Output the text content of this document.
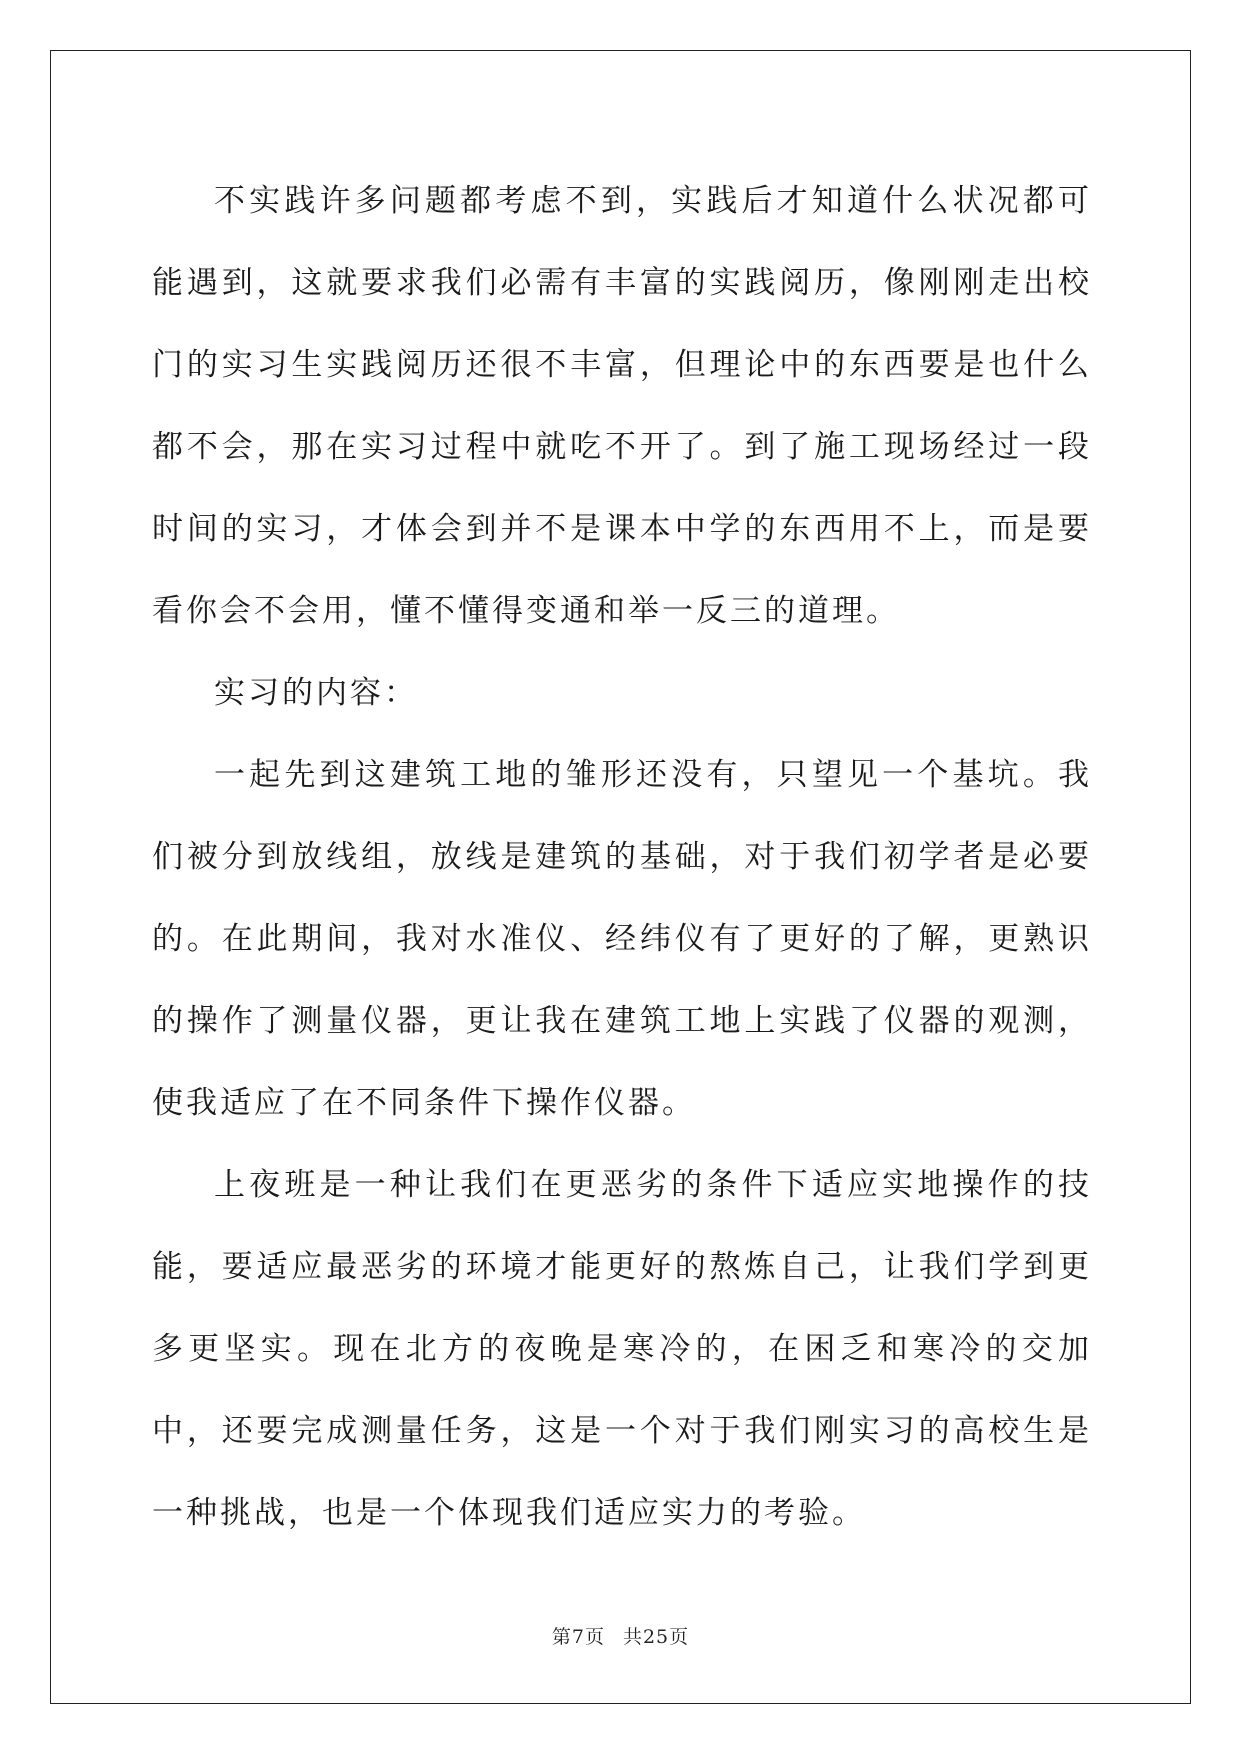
不实践许多问题都考虑不到，实践后才知道什么状况都可能遇到，这就要求我们必需有丰富的实践阅历，像刚刚走出校门的实习生实践阅历还很不丰富，但理论中的东西要是也什么都不会，那在实习过程中就吃不开了。到了施工现场经过一段时间的实习，才体会到并不是课本中学的东西用不上，而是要看你会不会用，懂不懂得变通和举一反三的道理。

实习的内容：

一起先到这建筑工地的雏形还没有，只望见一个基坑。我们被分到放线组，放线是建筑的基础，对于我们初学者是必要的。在此期间，我对水准仪、经纬仪有了更好的了解，更熟识的操作了测量仪器，更让我在建筑工地上实践了仪器的观测，使我适应了在不同条件下操作仪器。

上夜班是一种让我们在更恶劣的条件下适应实地操作的技能，要适应最恶劣的环境才能更好的熬炼自己，让我们学到更多更坚实。现在北方的夜晚是寒冷的，在困乏和寒冷的交加中，还要完成测量任务，这是一个对于我们刚实习的高校生是一种挑战，也是一个体现我们适应实力的考验。

第7页 共25页
